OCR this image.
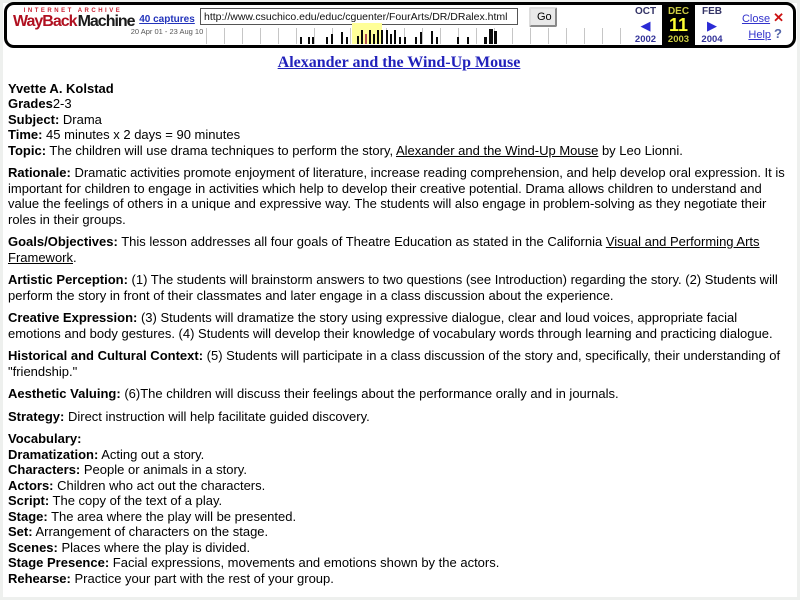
INTERNET ARCHIVE
WayBackMachine 40 captures
20 Apr 01 - 23 Aug 10
http://www.csuchico.edu/educ/cguenter/FourArts/DR/DRalex.html
Go	OCT	DEC	FEB
◀	11	▶
2002	2003	2004
Close ✕
Help ?
Alexander and the Wind-Up Mouse
Yvette A. Kolstad
Grades2-3
Subject: Drama
Time: 45 minutes x 2 days = 90 minutes
Topic: The children will use drama techniques to perform the story, Alexander and the Wind-Up Mouse by Leo Lionni.

Rationale: Dramatic activities promote enjoyment of literature, increase reading comprehension, and help develop oral expression. It is important for children to engage in activities which help to develop their creative potential. Drama allows children to understand and value the feelings of others in a unique and expressive way. The students will also engage in problem-solving as they negotiate their roles in their groups.

Goals/Objectives: This lesson addresses all four goals of Theatre Education as stated in the California Visual and Performing Arts Framework.

Artistic Perception: (1) The students will brainstorm answers to two questions (see Introduction) regarding the story. (2) Students will perform the story in front of their classmates and later engage in a class discussion about the experience.

Creative Expression: (3) Students will dramatize the story using expressive dialogue, clear and loud voices, appropriate facial emotions and body gestures. (4) Students will develop their knowledge of vocabulary words through learning and practicing dialogue.

Historical and Cultural Context: (5) Students will participate in a class discussion of the story and, specifically, their understanding of "friendship."

Aesthetic Valuing: (6)The children will discuss their feelings about the performance orally and in journals.

Strategy: Direct instruction will help facilitate guided discovery.

Vocabulary:
Dramatization: Acting out a story.
Characters: People or animals in a story.
Actors: Children who act out the characters.
Script: The copy of the text of a play.
Stage: The area where the play will be presented.
Set: Arrangement of characters on the stage.
Scenes: Places where the play is divided.
Stage Presence: Facial expressions, movements and emotions shown by the actors.
Rehearse: Practice your part with the rest of your group.
